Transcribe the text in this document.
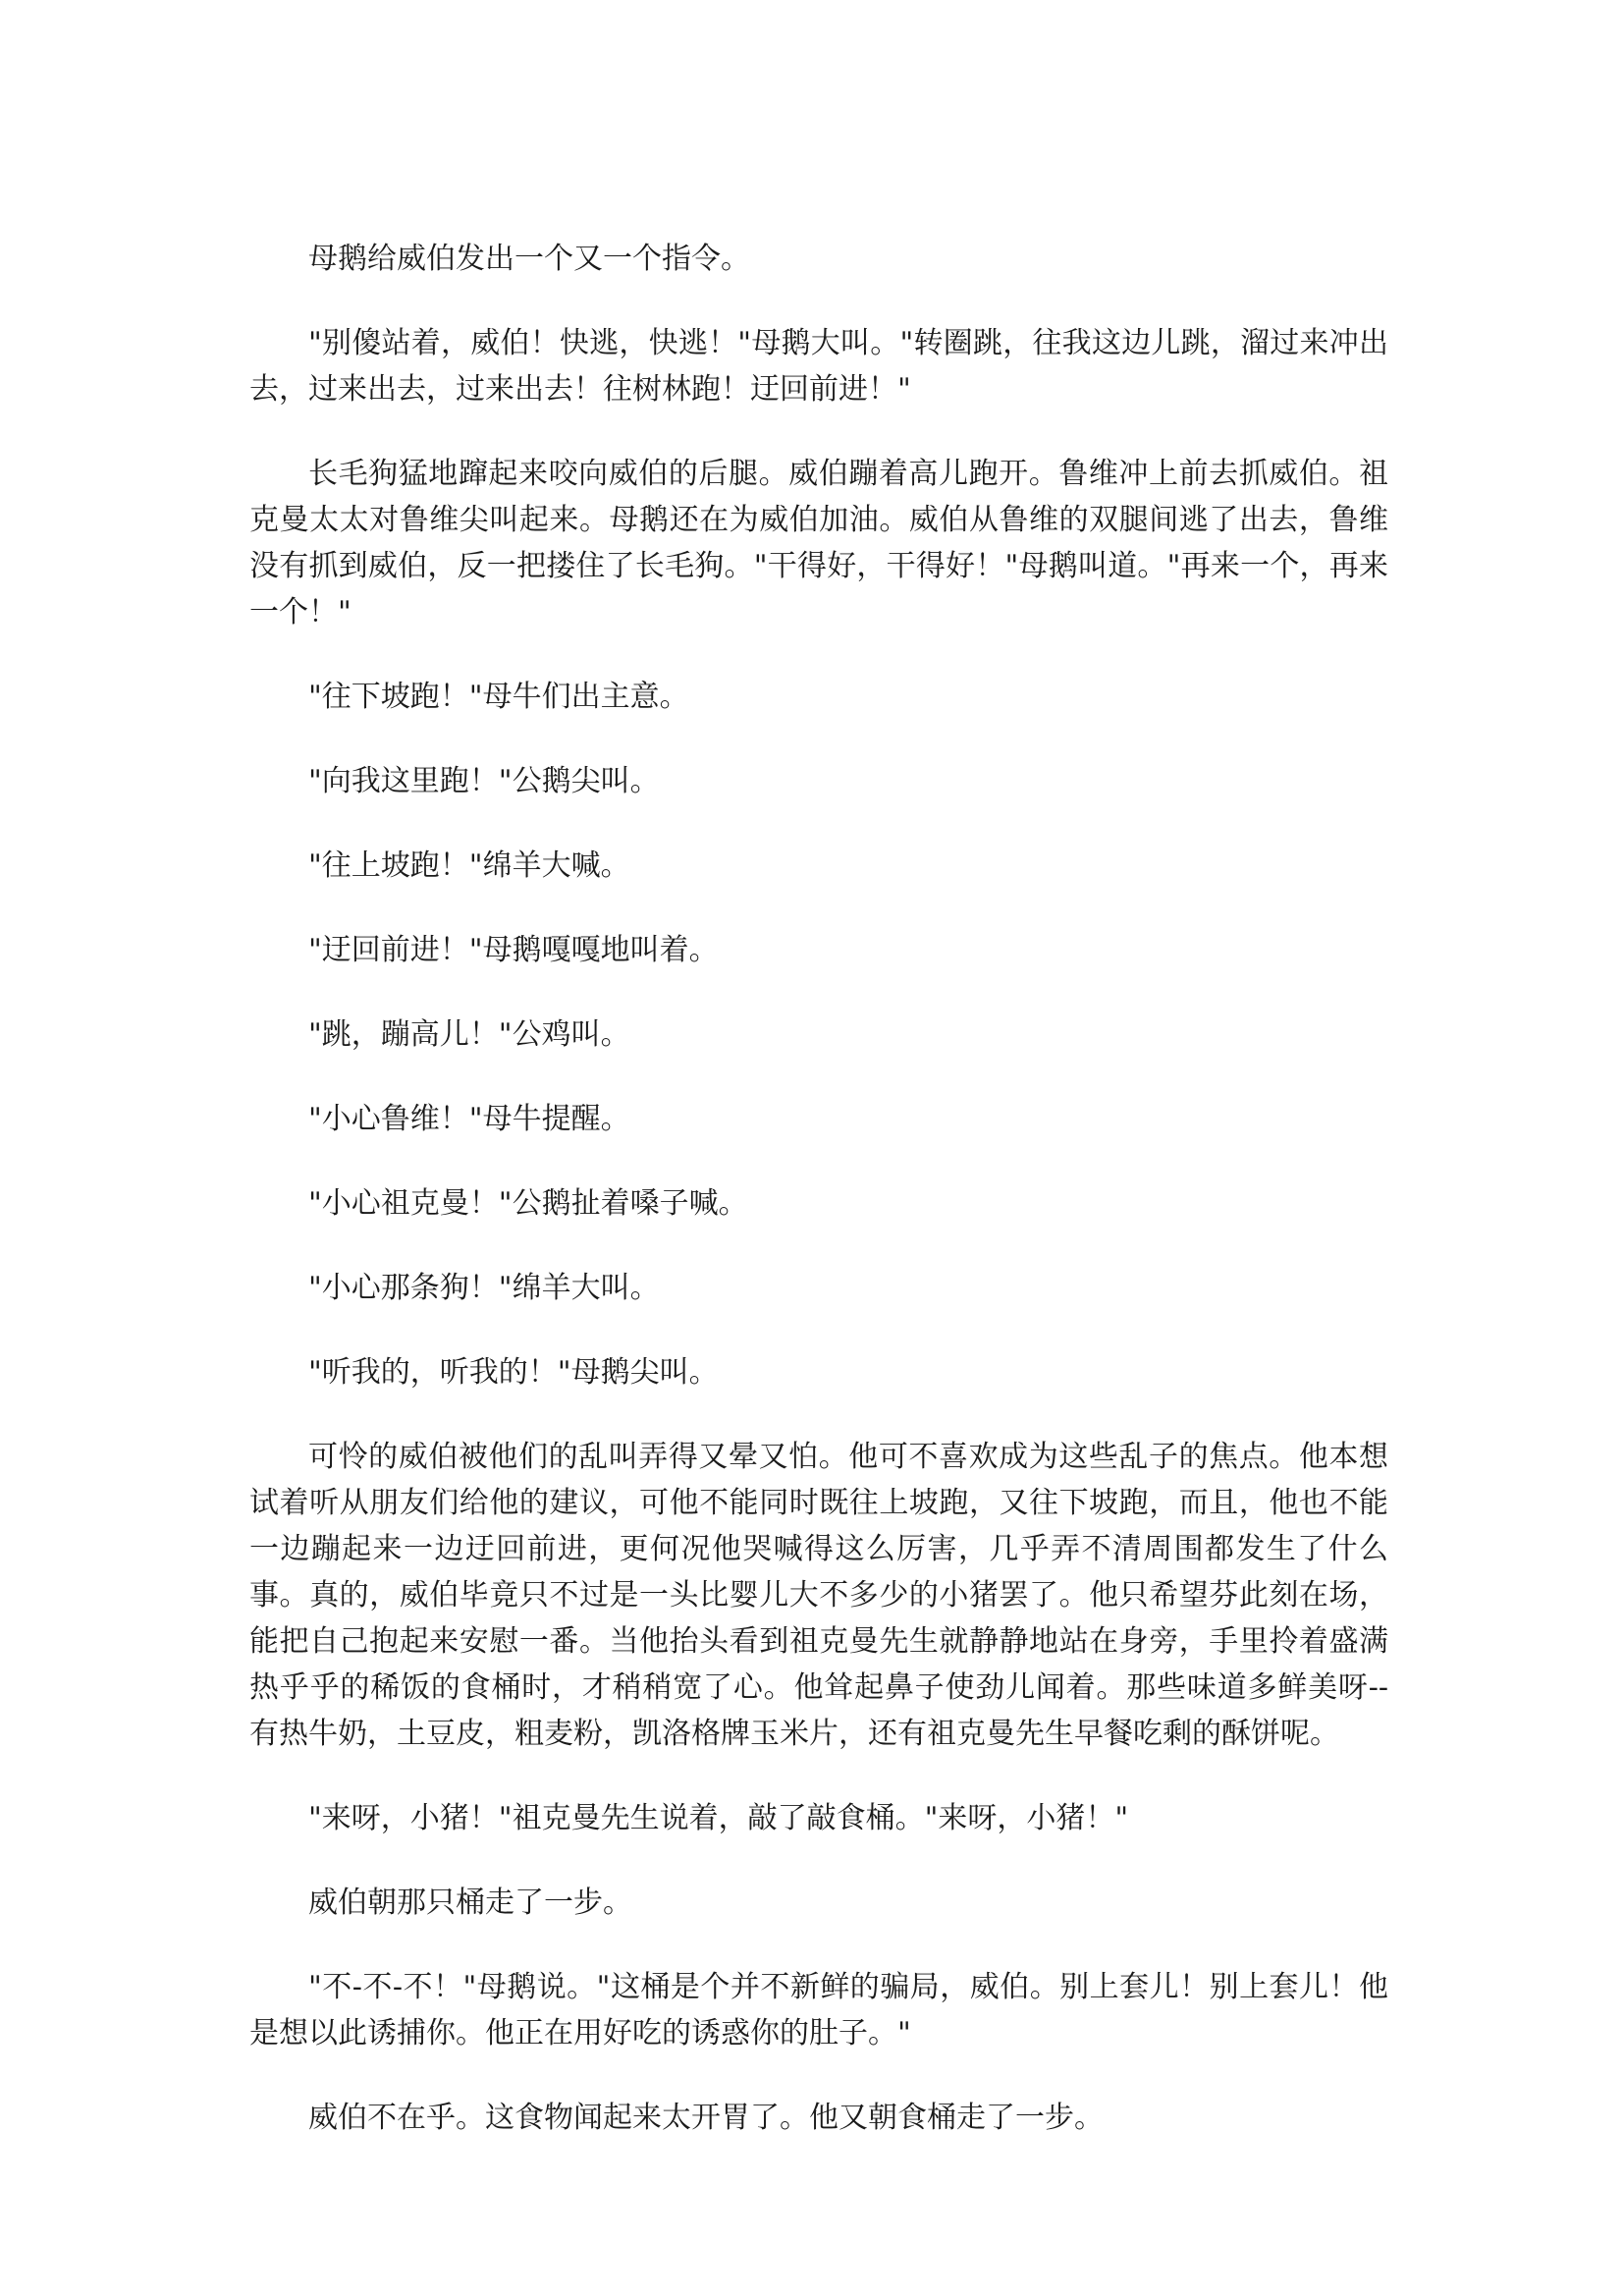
母鹅给威伯发出一个又一个指令。

"别傻站着，威伯！快逃，快逃！"母鹅大叫。"转圈跳，往我这边儿跳，溜过来冲出去，过来出去，过来出去！往树林跑！迂回前进！"

长毛狗猛地蹿起来咬向威伯的后腿。威伯蹦着高儿跑开。鲁维冲上前去抓威伯。祖克曼太太对鲁维尖叫起来。母鹅还在为威伯加油。威伯从鲁维的双腿间逃了出去，鲁维没有抓到威伯，反一把搂住了长毛狗。"干得好，干得好！"母鹅叫道。"再来一个，再来一个！"

"往下坡跑！"母牛们出主意。

"向我这里跑！"公鹅尖叫。

"往上坡跑！"绵羊大喊。

"迂回前进！"母鹅嘎嘎地叫着。

"跳，蹦高儿！"公鸡叫。

"小心鲁维！"母牛提醒。

"小心祖克曼！"公鹅扯着嗓子喊。

"小心那条狗！"绵羊大叫。

"听我的，听我的！"母鹅尖叫。

可怜的威伯被他们的乱叫弄得又晕又怕。他可不喜欢成为这些乱子的焦点。他本想试着听从朋友们给他的建议，可他不能同时既往上坡跑，又往下坡跑，而且，他也不能一边蹦起来一边迂回前进，更何况他哭喊得这么厉害，几乎弄不清周围都发生了什么事。真的，威伯毕竟只不过是一头比婴儿大不多少的小猪罢了。他只希望芬此刻在场，能把自己抱起来安慰一番。当他抬头看到祖克曼先生就静静地站在身旁，手里拎着盛满热乎乎的稀饭的食桶时，才稍稍宽了心。他耸起鼻子使劲儿闻着。那些味道多鲜美呀--有热牛奶，土豆皮，粗麦粉，凯洛格牌玉米片，还有祖克曼先生早餐吃剩的酥饼呢。

"来呀，小猪！"祖克曼先生说着，敲了敲食桶。"来呀，小猪！"

威伯朝那只桶走了一步。

"不-不-不！"母鹅说。"这桶是个并不新鲜的骗局，威伯。别上套儿！别上套儿！他是想以此诱捕你。他正在用好吃的诱惑你的肚子。"

威伯不在乎。这食物闻起来太开胃了。他又朝食桶走了一步。
